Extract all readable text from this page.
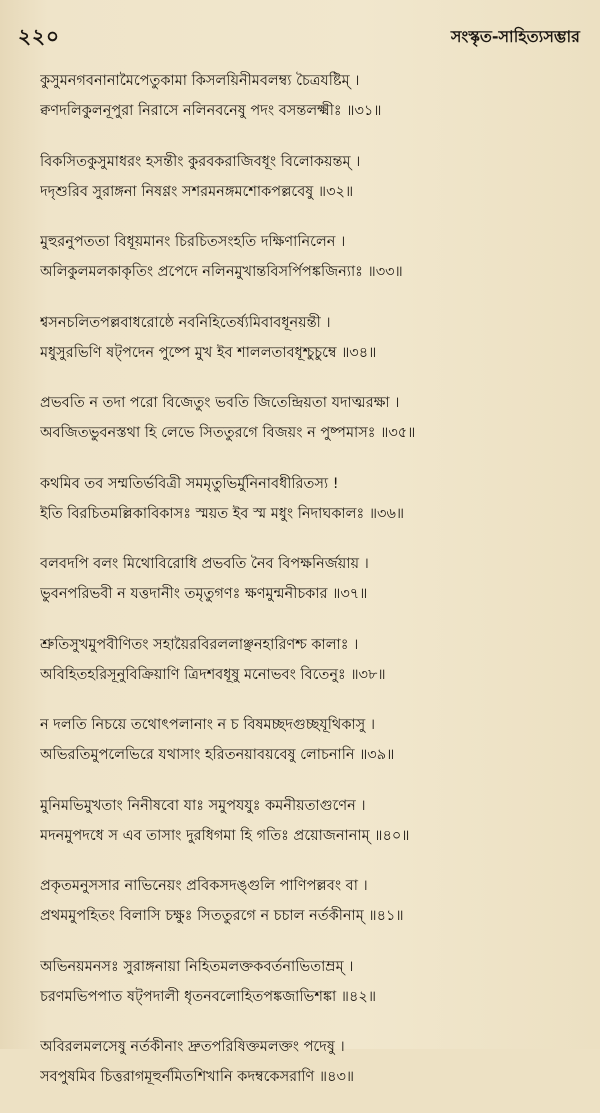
২২০	সংস্কৃত-সাহিত্যসম্ভার
কুসুমনগবনানামৈপেতুকামা কিসলয়িনীমবলম্ব্য চৈত্রযষ্টিম্ ।
ক্বণদলিকুলনূপুরা নিরাসে নলিনবনেষু পদং বসন্তলক্ষ্মীঃ ॥৩১॥
বিকসিতকুসুমাধরং হসন্তীং কুরবকরাজিবধূং বিলোকয়ন্তম্ ।
দদৃশুরিব সুরাঙ্গনা নিষণ্ণং সশরমনঙ্গমশোকপল্লবেষু ॥৩২॥
মুহুরনুপততা বিধূয়মানং চিরচিতসংহতি দক্ষিণানিলেন ।
অলিকুলমলকাকৃতিং প্রপেদে নলিনমুখান্তবিসর্পিপঙ্কজিন্যাঃ ॥৩৩॥
শ্বসনচলিতপল্লবাধরোষ্ঠে নবনিহিতেৰ্ষ্যমিবাবধূনয়ন্তী ।
মধুসুরভিণি ষট্পদেন পুষ্পে মুখ ইব শাললতাবধূশ্চুচুম্বে ॥৩৪॥
প্রভবতি ন তদা পরো বিজেতুং ভবতি জিতেন্দ্রিয়তা যদাত্মরক্ষা ।
অবজিতভুবনস্তথা হি লেভে সিততুরগে বিজয়ং ন পুষ্পমাসঃ ॥৩৫॥
কথমিব তব সম্মতির্ভবিত্রী সমমৃতুভির্মুনিনাবধীরিতস্য !
ইতি বিরচিতমল্লিকাবিকাসঃ স্ময়ত ইব স্ম মধুং নিদাঘকালঃ ॥৩৬॥
বলবদপি বলং মিথোবিরোধি প্রভবতি নৈব বিপক্ষনির্জয়ায় ।
ভুবনপরিভবী ন যত্তদানীং তমৃতুগণঃ ক্ষণমুন্মনীচকার ॥৩৭॥
শ্রুতিসুখমুপবীণিতং সহায়ৈরবিরললাঞ্ছনহারিণশ্চ কালাঃ ।
অবিহিতহরিসূনুবিক্রিয়াণি ত্রিদশবধূষু মনোভবং বিতেনুঃ ॥৩৮॥
ন দলতি নিচয়ে তথোৎপলানাং ন চ বিষমচ্ছদগুচ্ছযূথিকাসু ।
অভিরতিমুপলেভিরে যথাসাং হরিতনয়াবয়বেষু লোচনানি ॥৩৯॥
মুনিমভিমুখতাং নিনীষবো যাঃ সমুপযযুঃ কমনীয়তাগুণেন ।
মদনমুপদধে স এব তাসাং দুরধিগমা হি গতিঃ প্রয়োজনানাম্ ॥৪০॥
প্রকৃতমনুসসার নাভিনেয়ং প্রবিকসদঙ্গুলি পাণিপল্লবং বা ।
প্রথমমুপহিতং বিলাসি চক্ষুঃ সিততুরগে ন চচাল নর্তকীনাম্ ॥৪১॥
অভিনয়মনসঃ সুরাঙ্গনায়া নিহিতমলক্তকবর্তনাভিতাম্রম্ ।
চরণমভিপপাত ষট্পদালী ধৃতনবলোহিতপঙ্কজাভিশঙ্কা ॥৪২॥
অবিরলমলসেষু নর্তকীনাং দ্রুতপরিষিক্তমলক্তং পদেষু ।
সবপুষমিব চিত্তরাগমূহুর্নমিতশিখানি কদম্বকেসরাণি ॥৪৩॥
